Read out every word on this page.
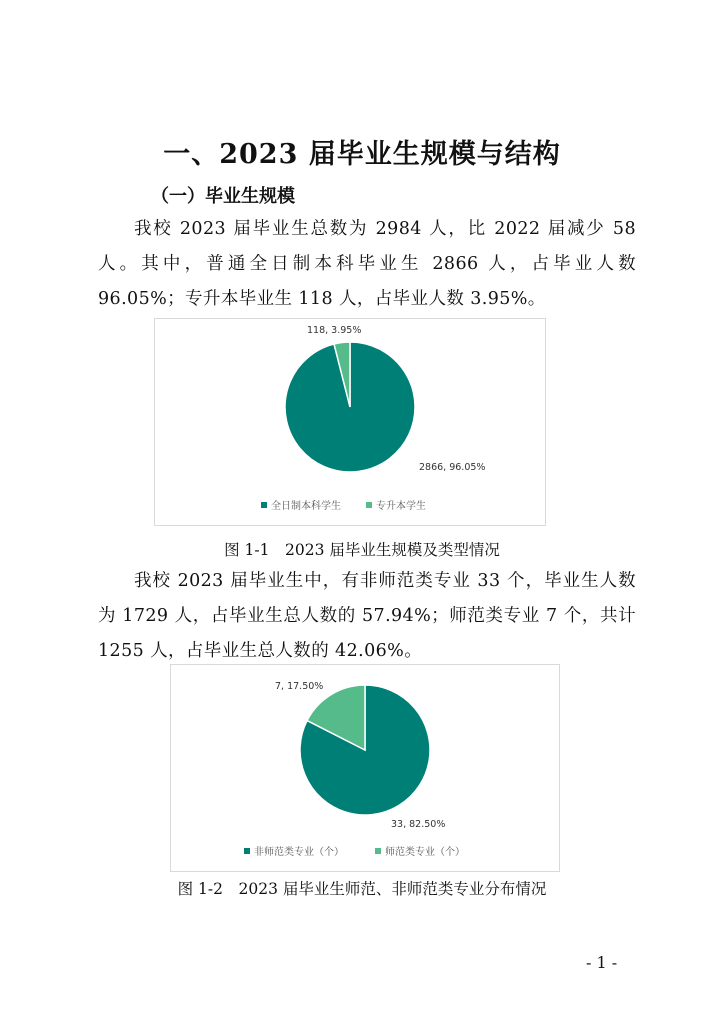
一、2023 届毕业生规模与结构
（一）毕业生规模

我校 2023 届毕业生总数为 2984 人，比 2022 届减少 58 人。其中，普通全日制本科毕业生 2866 人，占毕业人数 96.05%；专升本毕业生 118 人，占毕业人数 3.95%。

118, 3.95%
2866, 96.05%
全日制本科学生	专升本学生

图 1-1　2023 届毕业生规模及类型情况

我校 2023 届毕业生中，有非师范类专业 33 个，毕业生人数为 1729 人，占毕业生总人数的 57.94%；师范类专业 7 个，共计 1255 人，占毕业生总人数的 42.06%。

7, 17.50%
33, 82.50%
非师范类专业（个）	师范类专业（个）

图 1-2　2023 届毕业生师范、非师范类专业分布情况

- 1 -
